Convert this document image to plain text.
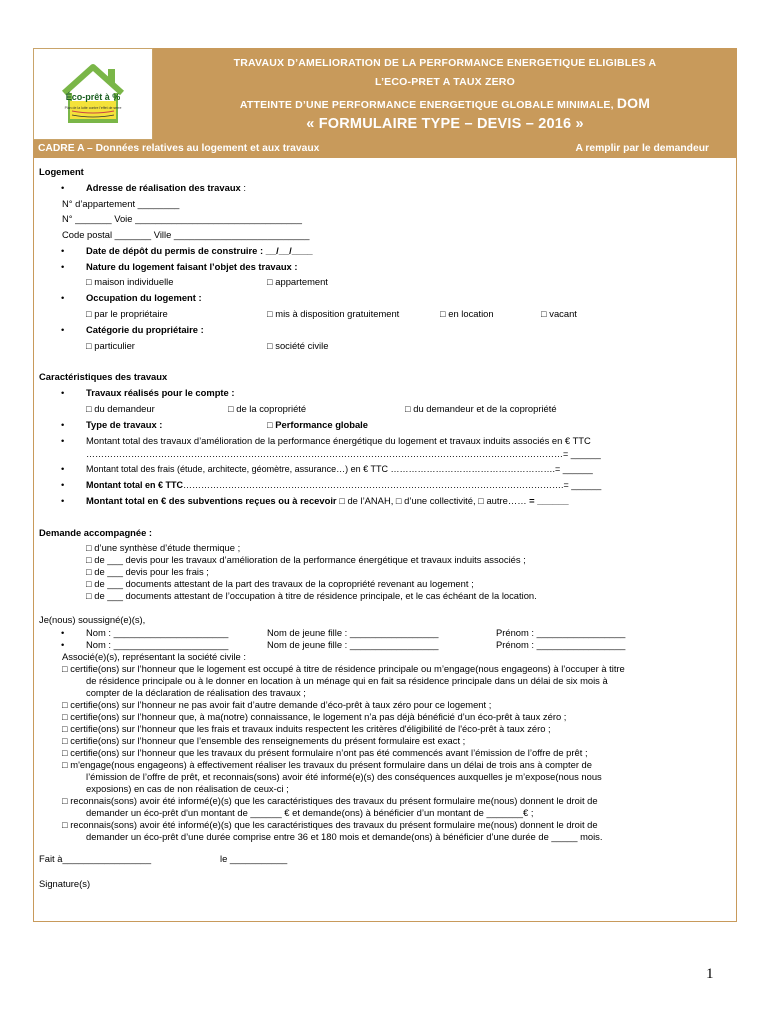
Éco-prêt à %
Plan de la lutte contre l'effet de serre
TRAVAUX D’AMELIORATION DE LA PERFORMANCE ENERGETIQUE ELIGIBLES A
L’ECO-PRET A TAUX ZERO
ATTEINTE D’UNE PERFORMANCE ENERGETIQUE GLOBALE MINIMALE, DOM
« FORMULAIRE TYPE – DEVIS – 2016 »
CADRE A – Données relatives au logement et aux travaux	A remplir par le demandeur
Logement
• Adresse de réalisation des travaux :
N° d’appartement ________
N° _______ Voie ________________________________
Code postal _______ Ville __________________________
• Date de dépôt du permis de construire : __/__/____
• Nature du logement faisant l’objet des travaux :
□ maison individuelle	□ appartement
• Occupation du logement :
□ par le propriétaire	□ mis à disposition gratuitement	□ en location	□ vacant
• Catégorie du propriétaire :
□ particulier	□ société civile
Caractéristiques des travaux
• Travaux réalisés pour le compte :
□ du demandeur	□ de la copropriété	□ du demandeur et de la copropriété
• Type de travaux :	□ Performance globale
• Montant total des travaux d’amélioration de la performance énergétique du logement et travaux induits associés en € TTC
……………………………………………………………………………………………………………………………………………= ______
• Montant total des frais (étude, architecte, géomètre, assurance…) en € TTC ……………………………………………….= ______
• Montant total en € TTC……………………………………………………………………………………………………………….= ______
• Montant total en € des subventions reçues ou à recevoir □ de l’ANAH, □ d’une collectivité, □ autre…… = ______
Demande accompagnée :
□ d’une synthèse d’étude thermique ;
□ de ___ devis pour les travaux d’amélioration de la performance énergétique et travaux induits associés ;
□ de ___ devis pour les frais ;
□ de ___ documents attestant de la part des travaux de la copropriété revenant au logement ;
□ de ___ documents attestant de l’occupation à titre de résidence principale, et le cas échéant de la location.
Je(nous) soussigné(e)(s),
• Nom : ______________________	Nom de jeune fille : _________________	Prénom : _________________
• Nom : ______________________	Nom de jeune fille : _________________	Prénom : _________________
Associé(e)(s), représentant la société civile :
□ certifie(ons) sur l’honneur que le logement est occupé à titre de résidence principale ou m’engage(nous engageons) à l’occuper à titre
de résidence principale ou à le donner en location à un ménage qui en fait sa résidence principale dans un délai de six mois à
compter de la déclaration de réalisation des travaux ;
□ certifie(ons) sur l’honneur ne pas avoir fait d’autre demande d’éco-prêt à taux zéro pour ce logement ;
□ certifie(ons) sur l’honneur que, à ma(notre) connaissance, le logement n’a pas déjà bénéficié d’un éco-prêt à taux zéro ;
□ certifie(ons) sur l’honneur que les frais et travaux induits respectent les critères d'éligibilité de l'éco-prêt à taux zéro ;
□ certifie(ons) sur l’honneur que l’ensemble des renseignements du présent formulaire est exact ;
□ certifie(ons) sur l’honneur que les travaux du présent formulaire n’ont pas été commencés avant l’émission de l’offre de prêt ;
□ m'engage(nous engageons) à effectivement réaliser les travaux du présent formulaire dans un délai de trois ans à compter de
l’émission de l’offre de prêt, et reconnais(sons) avoir été informé(e)(s) des conséquences auxquelles je m’expose(nous nous
exposions) en cas de non réalisation de ceux-ci ;
□ reconnais(sons) avoir été informé(e)(s) que les caractéristiques des travaux du présent formulaire me(nous) donnent le droit de
demander un éco-prêt d'un montant de ______ € et demande(ons) à bénéficier d’un montant de _______€ ;
□ reconnais(sons) avoir été informé(e)(s) que les caractéristiques des travaux du présent formulaire me(nous) donnent le droit de
demander un éco-prêt d’une durée comprise entre 36 et 180 mois et demande(ons) à bénéficier d’une durée de _____ mois.
Fait à_________________	le ___________
Signature(s)
1
